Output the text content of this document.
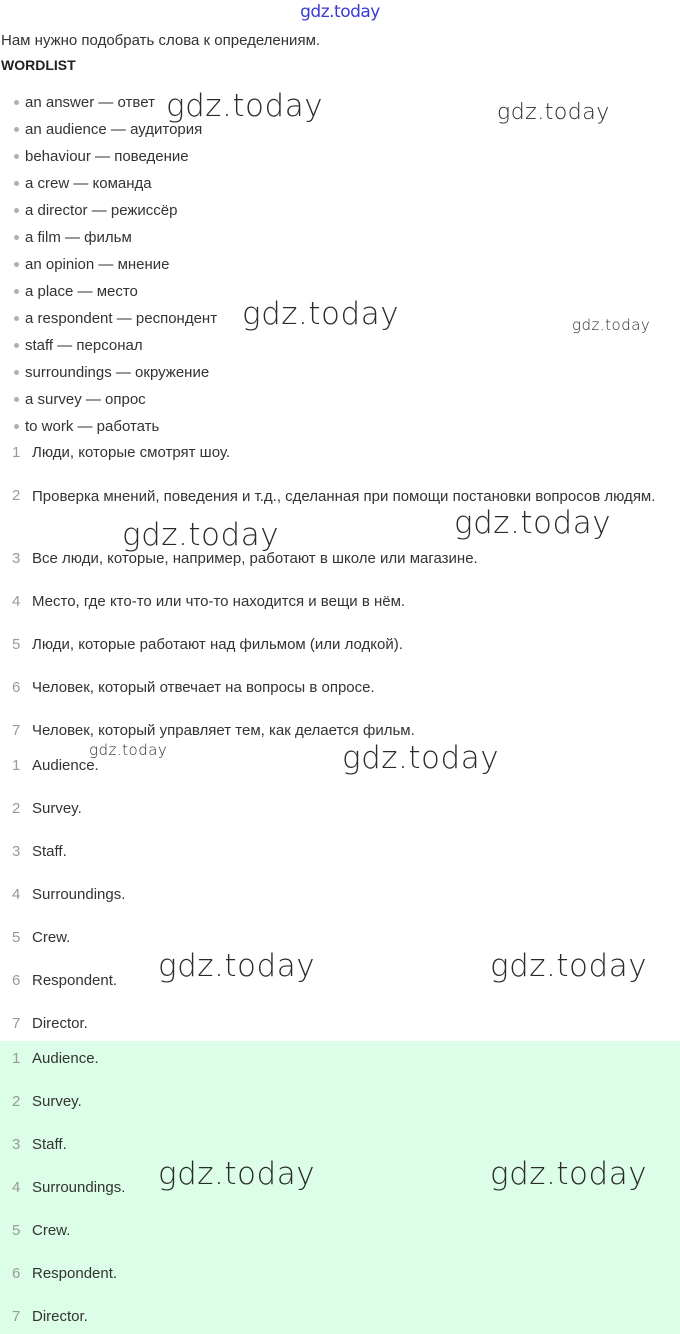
gdz.today
Нам нужно подобрать слова к определениям.
WORDLIST
an answer — ответ
an audience — аудитория
behaviour — поведение
a crew — команда
a director — режиссёр
a film — фильм
an opinion — мнение
a place — место
a respondent — респондент
staff — персонал
surroundings — окружение
a survey — опрос
to work — работать
1 Люди, которые смотрят шоу.
2 Проверка мнений, поведения и т.д., сделанная при помощи постановки вопросов людям.
3 Все люди, которые, например, работают в школе или магазине.
4 Место, где кто-то или что-то находится и вещи в нём.
5 Люди, которые работают над фильмом (или лодкой).
6 Человек, который отвечает на вопросы в опросе.
7 Человек, который управляет тем, как делается фильм.
1 Audience.
2 Survey.
3 Staff.
4 Surroundings.
5 Crew.
6 Respondent.
7 Director.
1 Audience.
2 Survey.
3 Staff.
4 Surroundings.
5 Crew.
6 Respondent.
7 Director.
gdz.today	gdz.today
gdz.today	gdz.today
gdz.today	gdz.today
gdz.today	gdz.today
gdz.today	gdz.today
gdz.today	gdz.today
